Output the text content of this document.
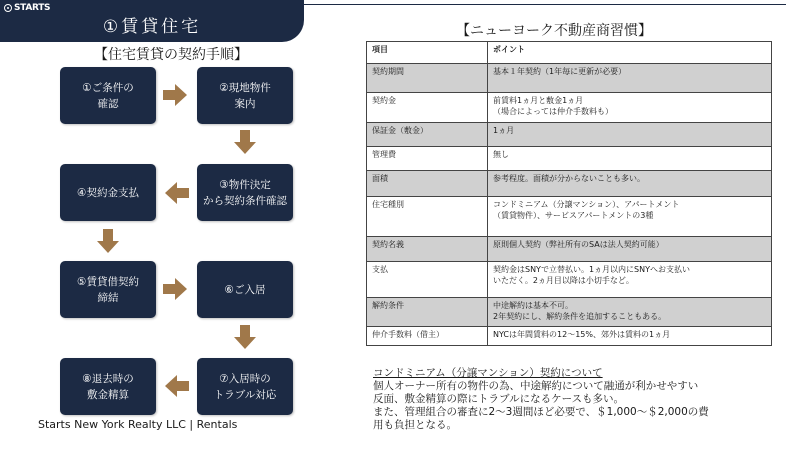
STARTS
①賃貸住宅
【住宅賃貸の契約手順】
①ご条件の
確認
②現地物件
案内
③物件決定
から契約条件確認
④契約金支払
⑤賃貸借契約
締結
⑥ご入居
⑦入居時の
トラブル対応
⑧退去時の
敷金精算
Starts New York Realty LLC | Rentals
【ニューヨーク不動産商習慣】
項目	ポイント
契約期間	基本１年契約（1年毎に更新が必要）
契約金	前賃料1ヵ月と敷金1ヵ月
（場合によっては仲介手数料も）
保証金（敷金）	1ヵ月
管理費	無し
面積	参考程度。面積が分からないことも多い。
住宅種別	コンドミニアム（分譲マンション）、アパートメント
（賃貸物件）、サービスアパートメントの3種
契約名義	原則個人契約（弊社所有のSAは法人契約可能）
支払	契約金はSNYで立替払い。1ヵ月以内にSNYへお支払い
いただく。2ヵ月目以降は小切手など。
解約条件	中途解約は基本不可。
2年契約にし、解約条件を追加することもある。
仲介手数料（借主）	NYCは年間賃料の12～15%、郊外は賃料の1ヵ月
コンドミニアム（分譲マンション）契約について
個人オーナー所有の物件の為、中途解約について融通が利かせやすい
反面、敷金精算の際にトラブルになるケースも多い。
また、管理組合の審査に2～3週間ほど必要で、＄1,000～＄2,000の費
用も負担となる。
